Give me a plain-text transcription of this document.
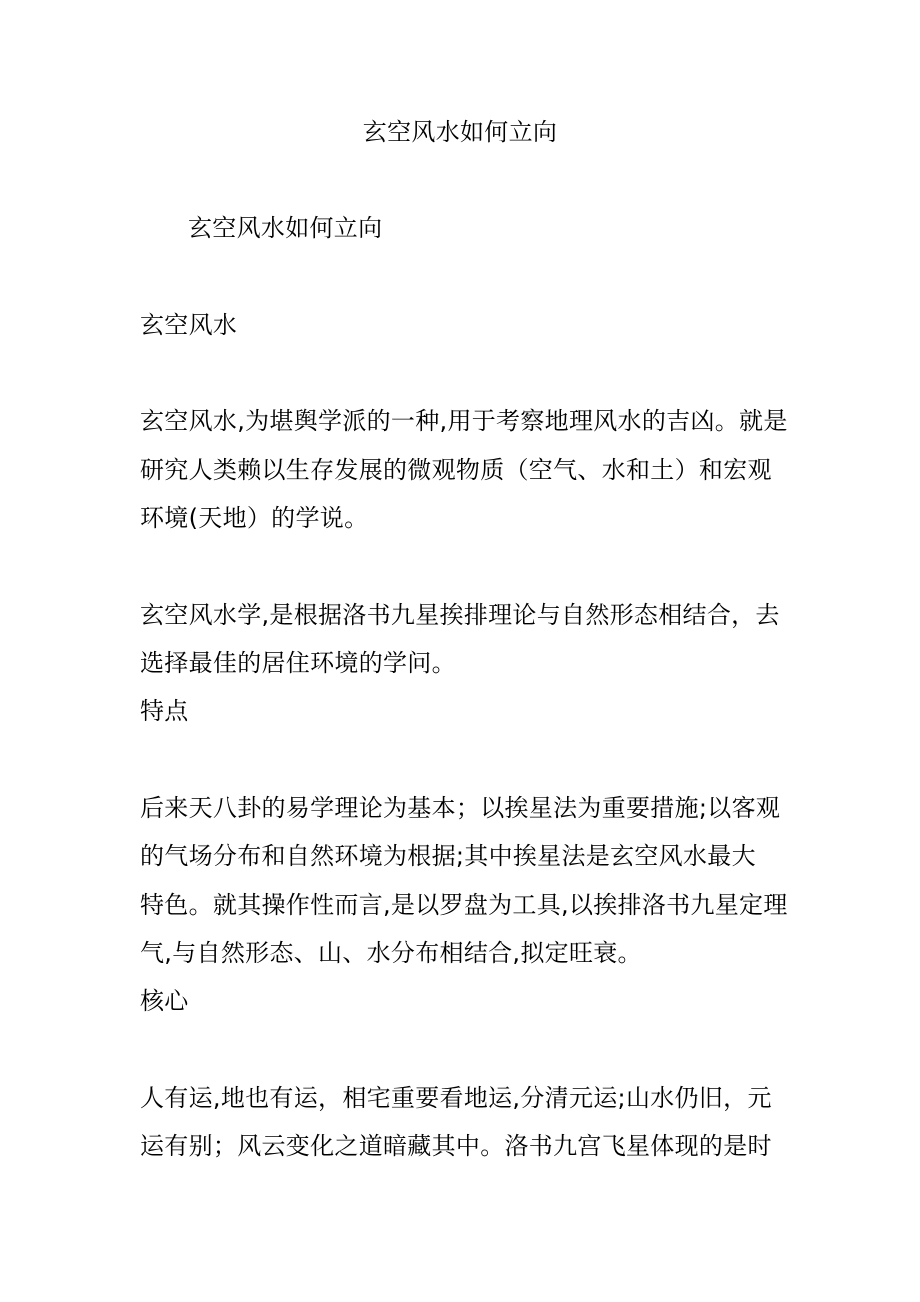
玄空风水如何立向
玄空风水如何立向
玄空风水
玄空风水,为堪舆学派的一种,用于考察地理风水的吉凶。就是
研究人类赖以生存发展的微观物质（空气、水和土）和宏观
环境(天地）的学说。
玄空风水学,是根据洛书九星挨排理论与自然形态相结合，去
选择最佳的居住环境的学问。
特点
后来天八卦的易学理论为基本；以挨星法为重要措施;以客观
的气场分布和自然环境为根据;其中挨星法是玄空风水最大
特色。就其操作性而言,是以罗盘为工具,以挨排洛书九星定理
气,与自然形态、山、水分布相结合,拟定旺衰。
核心
人有运,地也有运，相宅重要看地运,分清元运;山水仍旧，元
运有别；风云变化之道暗藏其中。洛书九宫飞星体现的是时
